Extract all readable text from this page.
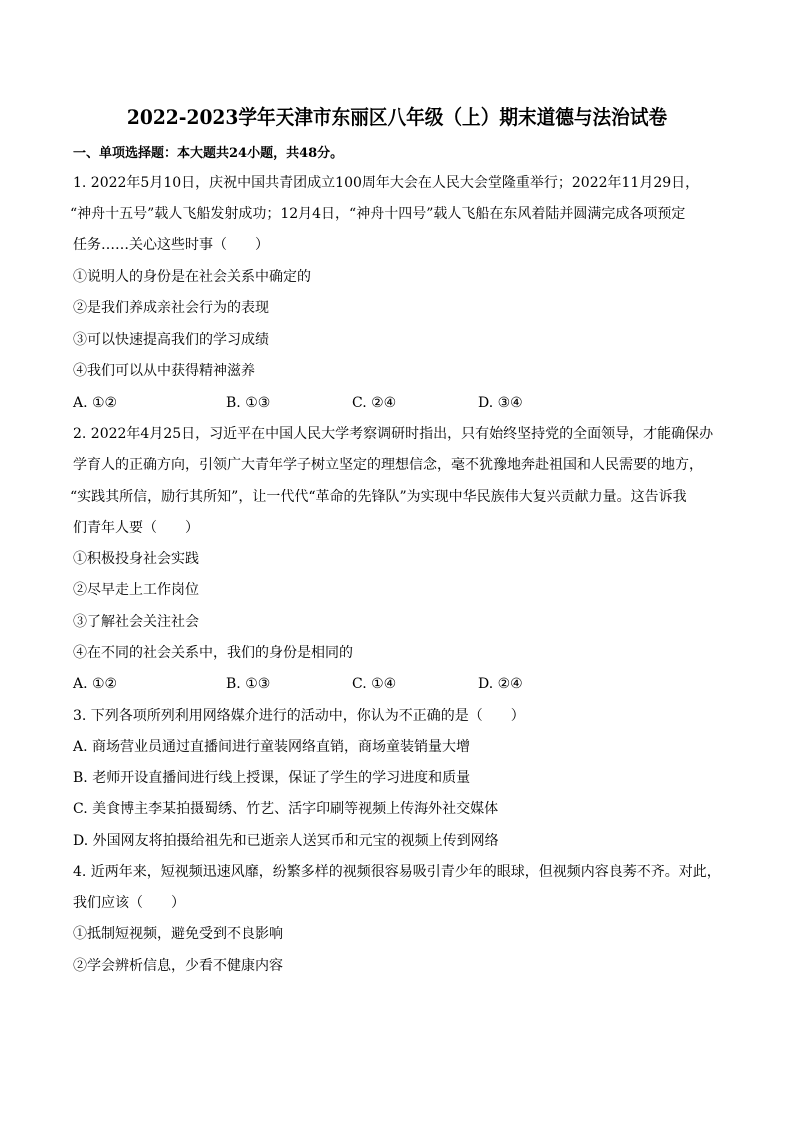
2022-2023学年天津市东丽区八年级（上）期末道德与法治试卷
一、单项选择题：本大题共24小题，共48分。
1. 2022年5月10日，庆祝中国共青团成立100周年大会在人民大会堂隆重举行；2022年11月29日，
“神舟十五号”载人飞船发射成功；12月4日，“神舟十四号”载人飞船在东风着陆并圆满完成各项预定
任务……关心这些时事（　　）
①说明人的身份是在社会关系中确定的
②是我们养成亲社会行为的表现
③可以快速提高我们的学习成绩
④我们可以从中获得精神滋养
A. ①②	B. ①③	C. ②④	D. ③④
2. 2022年4月25日，习近平在中国人民大学考察调研时指出，只有始终坚持党的全面领导，才能确保办
学育人的正确方向，引领广大青年学子树立坚定的理想信念，毫不犹豫地奔赴祖国和人民需要的地方，
“实践其所信，励行其所知”，让一代代“革命的先锋队”为实现中华民族伟大复兴贡献力量。这告诉我
们青年人要（　　）
①积极投身社会实践
②尽早走上工作岗位
③了解社会关注社会
④在不同的社会关系中，我们的身份是相同的
A. ①②	B. ①③	C. ①④	D. ②④
3. 下列各项所列利用网络媒介进行的活动中，你认为不正确的是（　　）
A. 商场营业员通过直播间进行童装网络直销，商场童装销量大增
B. 老师开设直播间进行线上授课，保证了学生的学习进度和质量
C. 美食博主李某拍摄蜀绣、竹艺、活字印刷等视频上传海外社交媒体
D. 外国网友将拍摄给祖先和已逝亲人送冥币和元宝的视频上传到网络
4. 近两年来，短视频迅速风靡，纷繁多样的视频很容易吸引青少年的眼球，但视频内容良莠不齐。对此，
我们应该（　　）
①抵制短视频，避免受到不良影响
②学会辨析信息，少看不健康内容
